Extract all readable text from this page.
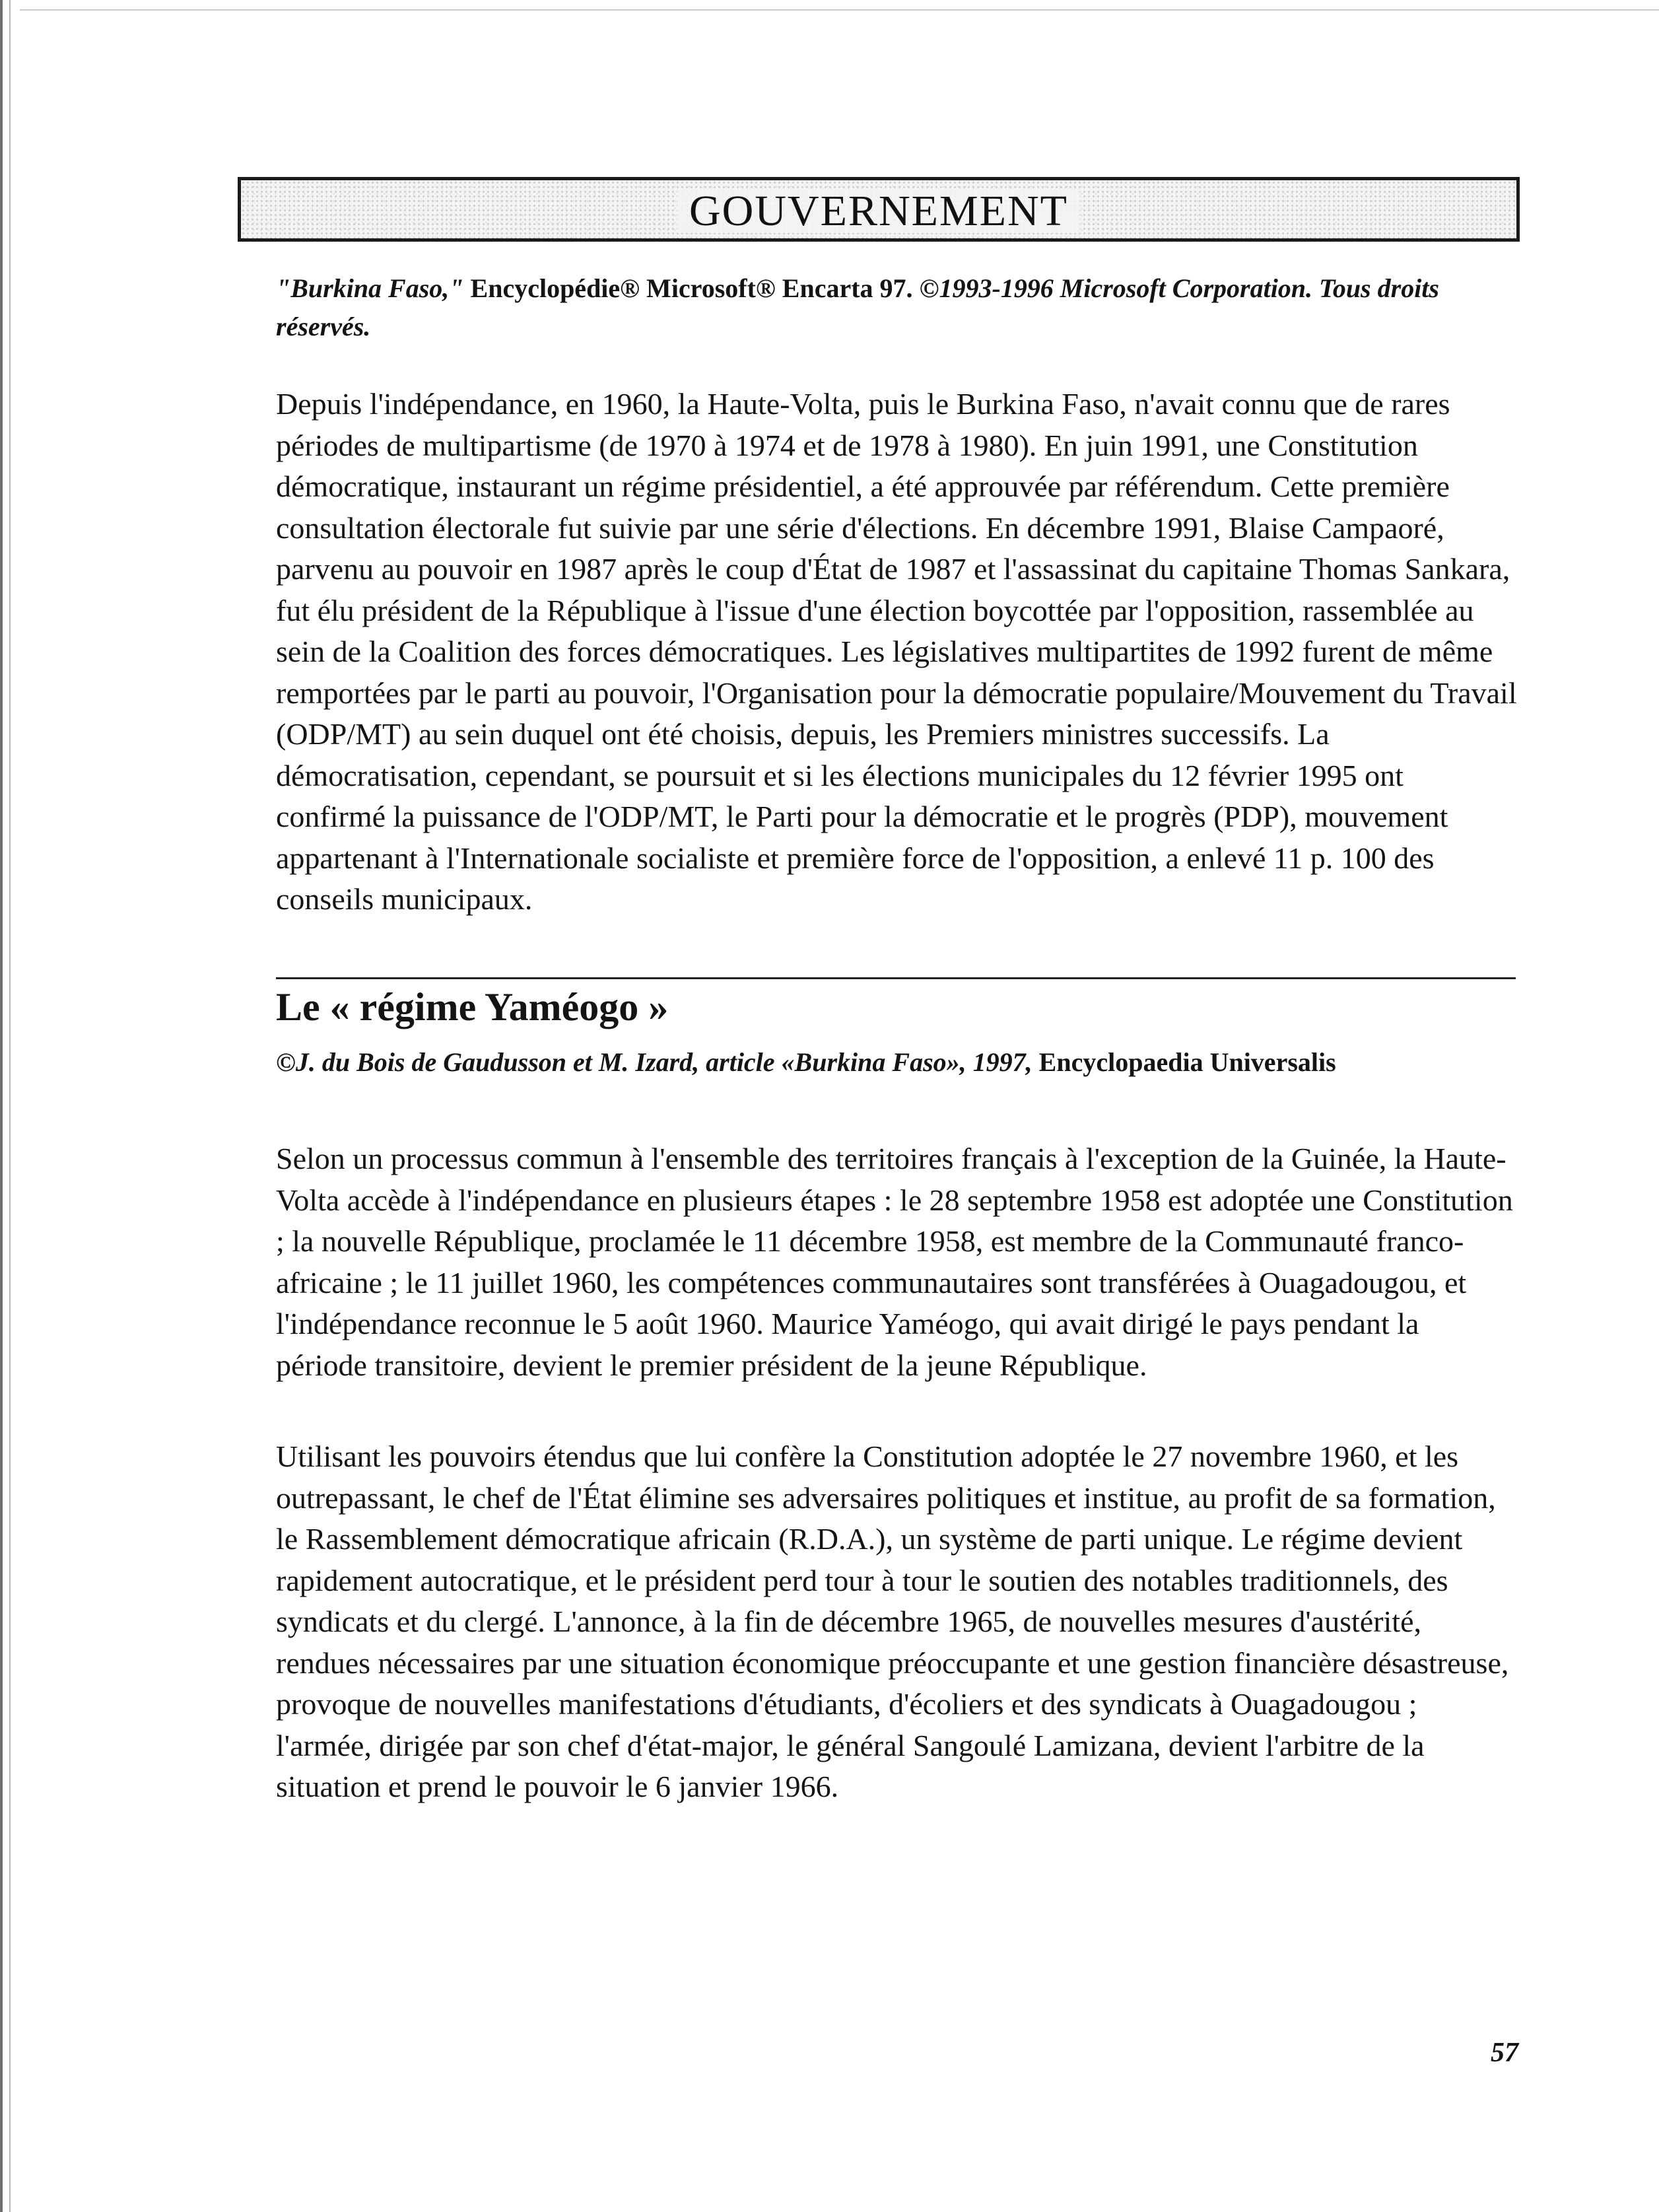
GOUVERNEMENT

"Burkina Faso," Encyclopédie® Microsoft® Encarta 97. ©1993-1996 Microsoft Corporation. Tous droits réservés.

Depuis l'indépendance, en 1960, la Haute-Volta, puis le Burkina Faso, n'avait connu que de rares périodes de multipartisme (de 1970 à 1974 et de 1978 à 1980). En juin 1991, une Constitution démocratique, instaurant un régime présidentiel, a été approuvée par référendum. Cette première consultation électorale fut suivie par une série d'élections. En décembre 1991, Blaise Campaoré, parvenu au pouvoir en 1987 après le coup d'État de 1987 et l'assassinat du capitaine Thomas Sankara, fut élu président de la République à l'issue d'une élection boycottée par l'opposition, rassemblée au sein de la Coalition des forces démocratiques. Les législatives multipartites de 1992 furent de même remportées par le parti au pouvoir, l'Organisation pour la démocratie populaire/Mouvement du Travail (ODP/MT) au sein duquel ont été choisis, depuis, les Premiers ministres successifs. La démocratisation, cependant, se poursuit et si les élections municipales du 12 février 1995 ont confirmé la puissance de l'ODP/MT, le Parti pour la démocratie et le progrès (PDP), mouvement appartenant à l'Internationale socialiste et première force de l'opposition, a enlevé 11 p. 100 des conseils municipaux.

Le « régime Yaméogo »

©J. du Bois de Gaudusson et M. Izard, article «Burkina Faso», 1997, Encyclopaedia Universalis

Selon un processus commun à l'ensemble des territoires français à l'exception de la Guinée, la Haute-Volta accède à l'indépendance en plusieurs étapes : le 28 septembre 1958 est adoptée une Constitution ; la nouvelle République, proclamée le 11 décembre 1958, est membre de la Communauté franco-africaine ; le 11 juillet 1960, les compétences communautaires sont transférées à Ouagadougou, et l'indépendance reconnue le 5 août 1960. Maurice Yaméogo, qui avait dirigé le pays pendant la période transitoire, devient le premier président de la jeune République.

Utilisant les pouvoirs étendus que lui confère la Constitution adoptée le 27 novembre 1960, et les outrepassant, le chef de l'État élimine ses adversaires politiques et institue, au profit de sa formation, le Rassemblement démocratique africain (R.D.A.), un système de parti unique. Le régime devient rapidement autocratique, et le président perd tour à tour le soutien des notables traditionnels, des syndicats et du clergé. L'annonce, à la fin de décembre 1965, de nouvelles mesures d'austérité, rendues nécessaires par une situation économique préoccupante et une gestion financière désastreuse, provoque de nouvelles manifestations d'étudiants, d'écoliers et des syndicats à Ouagadougou ; l'armée, dirigée par son chef d'état-major, le général Sangoulé Lamizana, devient l'arbitre de la situation et prend le pouvoir le 6 janvier 1966.

57
